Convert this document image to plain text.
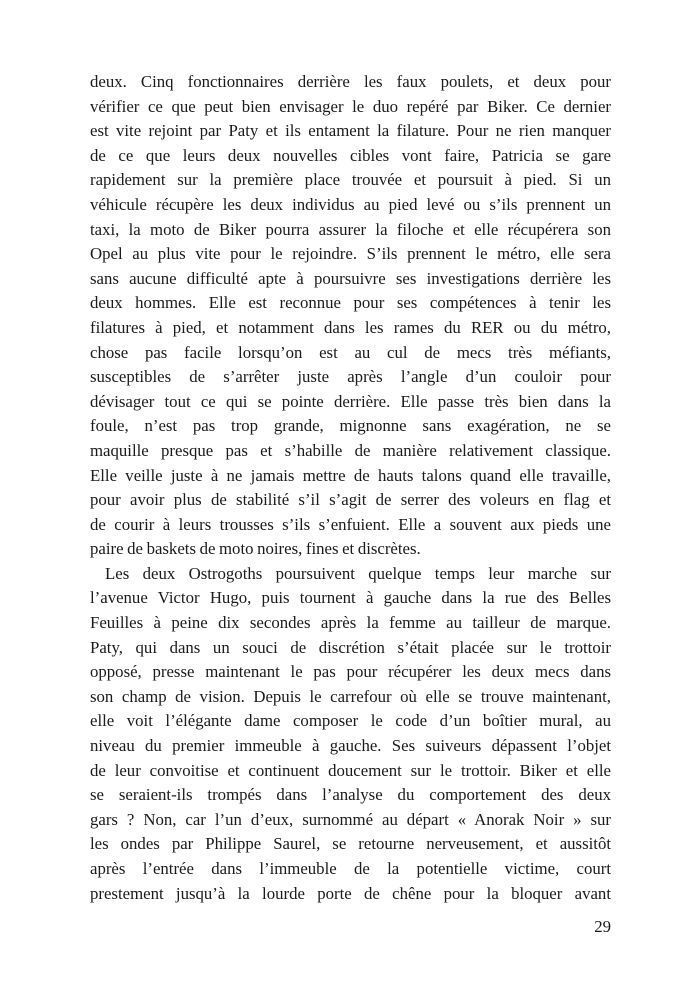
deux. Cinq fonctionnaires derrière les faux poulets, et deux pour
vérifier ce que peut bien envisager le duo repéré par Biker. Ce dernier
est vite rejoint par Paty et ils entament la filature. Pour ne rien manquer
de ce que leurs deux nouvelles cibles vont faire, Patricia se gare
rapidement sur la première place trouvée et poursuit à pied. Si un
véhicule récupère les deux individus au pied levé ou s’ils prennent un
taxi, la moto de Biker pourra assurer la filoche et elle récupérera son
Opel au plus vite pour le rejoindre. S’ils prennent le métro, elle sera
sans aucune difficulté apte à poursuivre ses investigations derrière les
deux hommes. Elle est reconnue pour ses compétences à tenir les
filatures à pied, et notamment dans les rames du RER ou du métro,
chose pas facile lorsqu’on est au cul de mecs très méfiants,
susceptibles de s’arrêter juste après l’angle d’un couloir pour
dévisager tout ce qui se pointe derrière. Elle passe très bien dans la
foule, n’est pas trop grande, mignonne sans exagération, ne se
maquille presque pas et s’habille de manière relativement classique.
Elle veille juste à ne jamais mettre de hauts talons quand elle travaille,
pour avoir plus de stabilité s’il s’agit de serrer des voleurs en flag et
de courir à leurs trousses s’ils s’enfuient. Elle a souvent aux pieds une
paire de baskets de moto noires, fines et discrètes.
Les deux Ostrogoths poursuivent quelque temps leur marche sur
l’avenue Victor Hugo, puis tournent à gauche dans la rue des Belles
Feuilles à peine dix secondes après la femme au tailleur de marque.
Paty, qui dans un souci de discrétion s’était placée sur le trottoir
opposé, presse maintenant le pas pour récupérer les deux mecs dans
son champ de vision. Depuis le carrefour où elle se trouve maintenant,
elle voit l’élégante dame composer le code d’un boîtier mural, au
niveau du premier immeuble à gauche. Ses suiveurs dépassent l’objet
de leur convoitise et continuent doucement sur le trottoir. Biker et elle
se seraient-ils trompés dans l’analyse du comportement des deux
gars ? Non, car l’un d’eux, surnommé au départ « Anorak Noir » sur
les ondes par Philippe Saurel, se retourne nerveusement, et aussitôt
après l’entrée dans l’immeuble de la potentielle victime, court
prestement jusqu’à la lourde porte de chêne pour la bloquer avant
29
